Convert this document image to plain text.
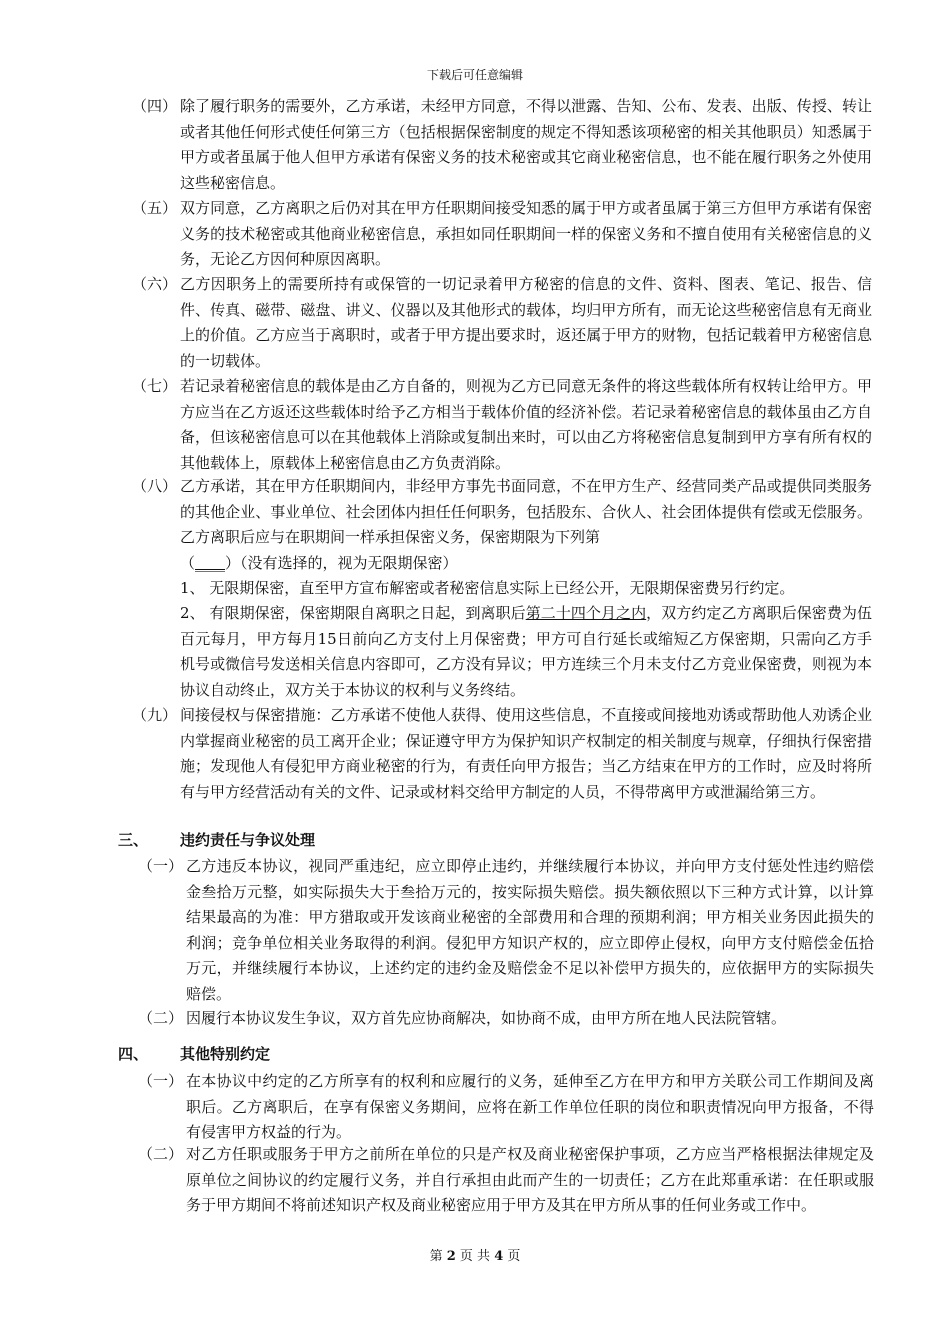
下载后可任意编辑
（四） 除了履行职务的需要外，乙方承诺，未经甲方同意，不得以泄露、告知、公布、发表、出版、传授、转让或者其他任何形式使任何第三方（包括根据保密制度的规定不得知悉该项秘密的相关其他职员）知悉属于甲方或者虽属于他人但甲方承诺有保密义务的技术秘密或其它商业秘密信息，也不能在履行职务之外使用这些秘密信息。
（五） 双方同意，乙方离职之后仍对其在甲方任职期间接受知悉的属于甲方或者虽属于第三方但甲方承诺有保密义务的技术秘密或其他商业秘密信息，承担如同任职期间一样的保密义务和不擅自使用有关秘密信息的义务，无论乙方因何种原因离职。
（六） 乙方因职务上的需要所持有或保管的一切记录着甲方秘密的信息的文件、资料、图表、笔记、报告、信件、传真、磁带、磁盘、讲义、仪器以及其他形式的载体，均归甲方所有，而无论这些秘密信息有无商业上的价值。乙方应当于离职时，或者于甲方提出要求时，返还属于甲方的财物，包括记载着甲方秘密信息的一切载体。
（七） 若记录着秘密信息的载体是由乙方自备的，则视为乙方已同意无条件的将这些载体所有权转让给甲方。甲方应当在乙方返还这些载体时给予乙方相当于载体价值的经济补偿。若记录着秘密信息的载体虽由乙方自备，但该秘密信息可以在其他载体上消除或复制出来时，可以由乙方将秘密信息复制到甲方享有所有权的其他载体上，原载体上秘密信息由乙方负责消除。
（八） 乙方承诺，其在甲方任职期间内，非经甲方事先书面同意，不在甲方生产、经营同类产品或提供同类服务的其他企业、事业单位、社会团体内担任任何职务，包括股东、合伙人、社会团体提供有偿或无偿服务。乙方离职后应与在职期间一样承担保密义务，保密期限为下列第
（____）（没有选择的，视为无限期保密）
1、 无限期保密，直至甲方宣布解密或者秘密信息实际上已经公开，无限期保密费另行约定。
2、 有限期保密，保密期限自离职之日起，到离职后第二十四个月之内，双方约定乙方离职后保密费为伍百元每月，甲方每月15日前向乙方支付上月保密费；甲方可自行延长或缩短乙方保密期，只需向乙方手机号或微信号发送相关信息内容即可，乙方没有异议；甲方连续三个月未支付乙方竞业保密费，则视为本协议自动终止，双方关于本协议的权利与义务终结。
（九） 间接侵权与保密措施：乙方承诺不使他人获得、使用这些信息，不直接或间接地劝诱或帮助他人劝诱企业内掌握商业秘密的员工离开企业；保证遵守甲方为保护知识产权制定的相关制度与规章，仔细执行保密措施；发现他人有侵犯甲方商业秘密的行为，有责任向甲方报告；当乙方结束在甲方的工作时，应及时将所有与甲方经营活动有关的文件、记录或材料交给甲方制定的人员，不得带离甲方或泄漏给第三方。
三、 违约责任与争议处理
（一） 乙方违反本协议，视同严重违纪，应立即停止违约，并继续履行本协议，并向甲方支付惩处性违约赔偿金叁拾万元整，如实际损失大于叁拾万元的，按实际损失赔偿。损失额依照以下三种方式计算，以计算结果最高的为准：甲方猎取或开发该商业秘密的全部费用和合理的预期利润；甲方相关业务因此损失的利润；竞争单位相关业务取得的利润。侵犯甲方知识产权的，应立即停止侵权，向甲方支付赔偿金伍拾万元，并继续履行本协议，上述约定的违约金及赔偿金不足以补偿甲方损失的，应依据甲方的实际损失赔偿。
（二） 因履行本协议发生争议，双方首先应协商解决，如协商不成，由甲方所在地人民法院管辖。
四、 其他特别约定
（一） 在本协议中约定的乙方所享有的权利和应履行的义务，延伸至乙方在甲方和甲方关联公司工作期间及离职后。乙方离职后，在享有保密义务期间，应将在新工作单位任职的岗位和职责情况向甲方报备，不得有侵害甲方权益的行为。
（二） 对乙方任职或服务于甲方之前所在单位的只是产权及商业秘密保护事项，乙方应当严格根据法律规定及原单位之间协议的约定履行义务，并自行承担由此而产生的一切责任；乙方在此郑重承诺：在任职或服务于甲方期间不将前述知识产权及商业秘密应用于甲方及其在甲方所从事的任何业务或工作中。
第 2 页 共 4 页
